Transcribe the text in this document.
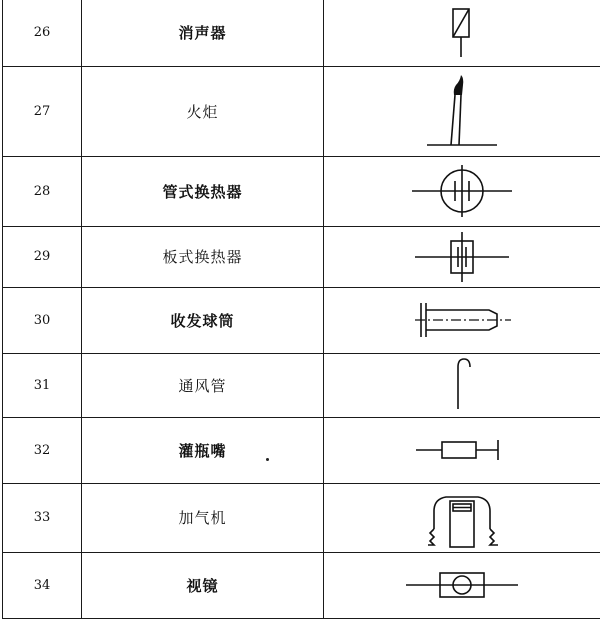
26	消声器	

27	火炬	

28	管式换热器	

29	板式换热器	

30	收发球筒	

31	通风管	

32	灌瓶嘴	

33	加气机	

34	视镜	
